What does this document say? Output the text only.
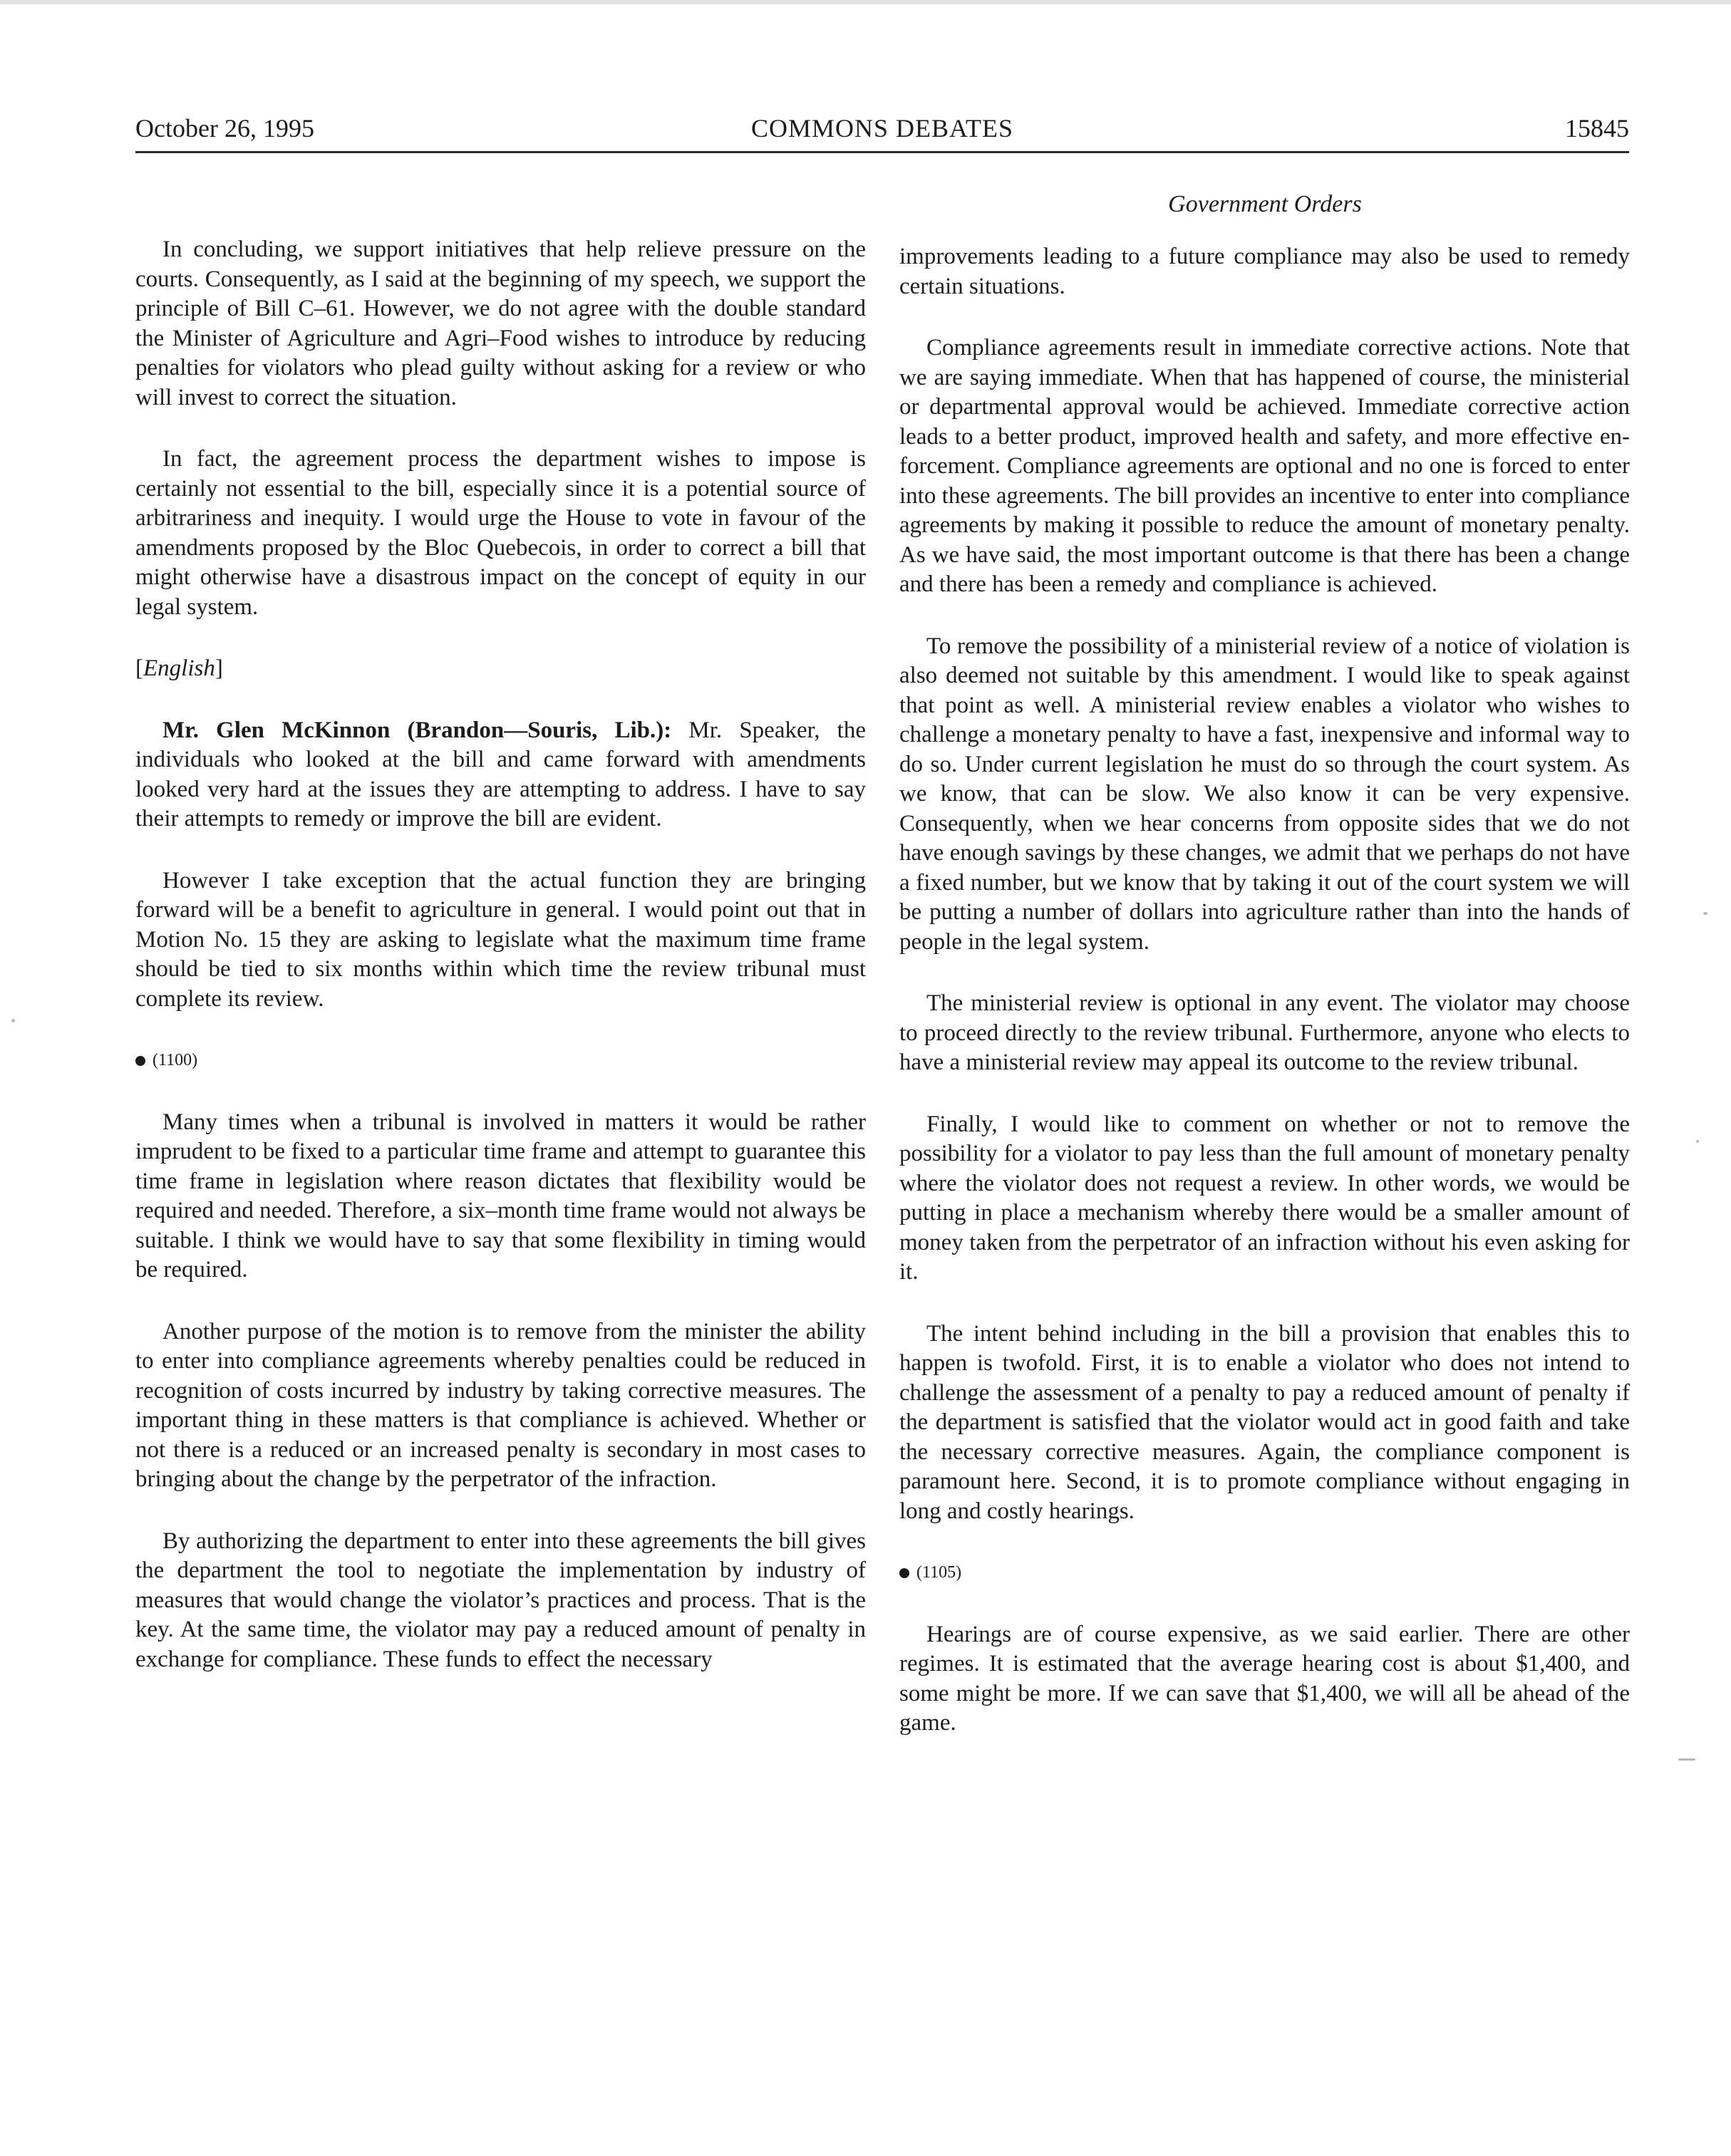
October 26, 1995	COMMONS DEBATES	15845
Government Orders

In concluding, we support initiatives that help relieve pressure on the courts. Consequently, as I said at the beginning of my speech, we support the principle of Bill C–61. However, we do not agree with the double standard the Minister of Agriculture and Agri–Food wishes to introduce by reducing penalties for violators who plead guilty without asking for a review or who will invest to correct the situation.

In fact, the agreement process the department wishes to impose is certainly not essential to the bill, especially since it is a potential source of arbitrariness and inequity. I would urge the House to vote in favour of the amendments proposed by the Bloc Quebecois, in order to correct a bill that might otherwise have a disastrous impact on the concept of equity in our legal system.

[English]

Mr. Glen McKinnon (Brandon—Souris, Lib.): Mr. Speaker, the individuals who looked at the bill and came forward with amendments looked very hard at the issues they are attempting to address. I have to say their attempts to remedy or improve the bill are evident.

However I take exception that the actual function they are bringing forward will be a benefit to agriculture in general. I would point out that in Motion No. 15 they are asking to legislate what the maximum time frame should be tied to six months within which time the review tribunal must complete its review.

(1100)

Many times when a tribunal is involved in matters it would be rather imprudent to be fixed to a particular time frame and attempt to guarantee this time frame in legislation where reason dictates that flexibility would be required and needed. Therefore, a six–month time frame would not always be suitable. I think we would have to say that some flexibility in timing would be required.

Another purpose of the motion is to remove from the minister the ability to enter into compliance agreements whereby penalties could be reduced in recognition of costs incurred by industry by taking corrective measures. The important thing in these matters is that compliance is achieved. Whether or not there is a reduced or an increased penalty is secondary in most cases to bringing about the change by the perpetrator of the infraction.

By authorizing the department to enter into these agreements the bill gives the department the tool to negotiate the implementation by industry of measures that would change the violator’s practices and process. That is the key. At the same time, the violator may pay a reduced amount of penalty in exchange for compliance. These funds to effect the necessary

improvements leading to a future compliance may also be used to remedy certain situations.

Compliance agreements result in immediate corrective actions. Note that we are saying immediate. When that has happened of course, the ministerial or departmental approval would be achieved. Immediate corrective action leads to a better product, improved health and safety, and more effective enforcement. Compliance agreements are optional and no one is forced to enter into these agreements. The bill provides an incentive to enter into compliance agreements by making it possible to reduce the amount of monetary penalty. As we have said, the most important outcome is that there has been a change and there has been a remedy and compliance is achieved.

To remove the possibility of a ministerial review of a notice of violation is also deemed not suitable by this amendment. I would like to speak against that point as well. A ministerial review enables a violator who wishes to challenge a monetary penalty to have a fast, inexpensive and informal way to do so. Under current legislation he must do so through the court system. As we know, that can be slow. We also know it can be very expensive. Consequently, when we hear concerns from opposite sides that we do not have enough savings by these changes, we admit that we perhaps do not have a fixed number, but we know that by taking it out of the court system we will be putting a number of dollars into agriculture rather than into the hands of people in the legal system.

The ministerial review is optional in any event. The violator may choose to proceed directly to the review tribunal. Furthermore, anyone who elects to have a ministerial review may appeal its outcome to the review tribunal.

Finally, I would like to comment on whether or not to remove the possibility for a violator to pay less than the full amount of monetary penalty where the violator does not request a review. In other words, we would be putting in place a mechanism whereby there would be a smaller amount of money taken from the perpetrator of an infraction without his even asking for it.

The intent behind including in the bill a provision that enables this to happen is twofold. First, it is to enable a violator who does not intend to challenge the assessment of a penalty to pay a reduced amount of penalty if the department is satisfied that the violator would act in good faith and take the necessary corrective measures. Again, the compliance component is paramount here. Second, it is to promote compliance without engaging in long and costly hearings.

(1105)

Hearings are of course expensive, as we said earlier. There are other regimes. It is estimated that the average hearing cost is about $1,400, and some might be more. If we can save that $1,400, we will all be ahead of the game.
